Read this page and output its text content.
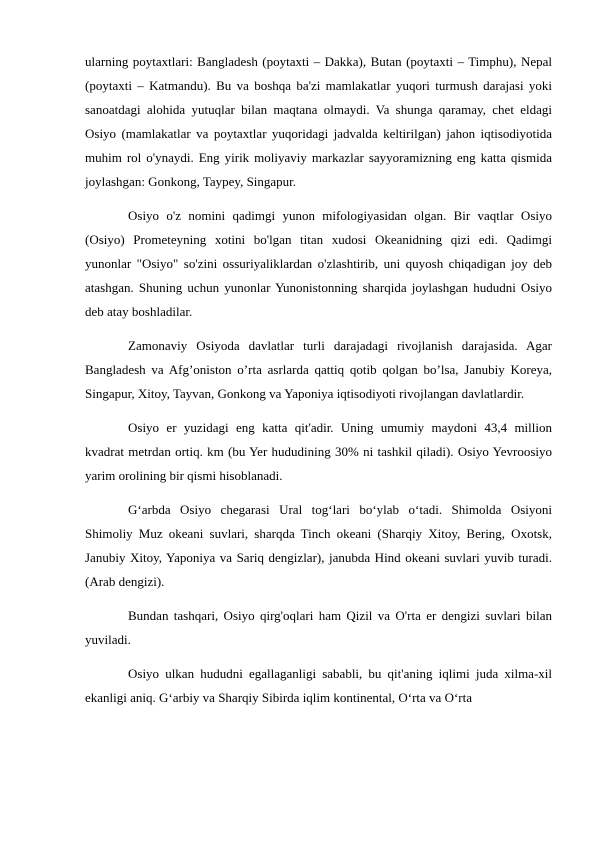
ularning poytaxtlari: Bangladesh (poytaxti – Dakka), Butan (poytaxti – Timphu), Nepal (poytaxti – Katmandu). Bu va boshqa ba'zi mamlakatlar yuqori turmush darajasi yoki sanoatdagi alohida yutuqlar bilan maqtana olmaydi. Va shunga qaramay, chet eldagi Osiyo (mamlakatlar va poytaxtlar yuqoridagi jadvalda keltirilgan) jahon iqtisodiyotida muhim rol o'ynaydi. Eng yirik moliyaviy markazlar sayyoramizning eng katta qismida joylashgan: Gonkong, Taypey, Singapur.

Osiyo o'z nomini qadimgi yunon mifologiyasidan olgan. Bir vaqtlar Osiyo (Osiyo) Prometeyning xotini bo'lgan titan xudosi Okeanidning qizi edi. Qadimgi yunonlar "Osiyo" so'zini ossuriyaliklardan o'zlashtirib, uni quyosh chiqadigan joy deb atashgan. Shuning uchun yunonlar Yunonistonning sharqida joylashgan hududni Osiyo deb atay boshladilar.

Zamonaviy Osiyoda davlatlar turli darajadagi rivojlanish darajasida. Agar Bangladesh va Afg’oniston o’rta asrlarda qattiq qotib qolgan bo’lsa, Janubiy Koreya, Singapur, Xitoy, Tayvan, Gonkong va Yaponiya iqtisodiyoti rivojlangan davlatlardir.

Osiyo er yuzidagi eng katta qit'adir. Uning umumiy maydoni 43,4 million kvadrat metrdan ortiq. km (bu Yer hududining 30% ni tashkil qiladi). Osiyo Yevroosiyo yarim orolining bir qismi hisoblanadi.

G‘arbda Osiyo chegarasi Ural tog‘lari bo‘ylab o‘tadi. Shimolda Osiyoni Shimoliy Muz okeani suvlari, sharqda Tinch okeani (Sharqiy Xitoy, Bering, Oxotsk, Janubiy Xitoy, Yaponiya va Sariq dengizlar), janubda Hind okeani suvlari yuvib turadi. (Arab dengizi).

Bundan tashqari, Osiyo qirg'oqlari ham Qizil va O'rta er dengizi suvlari bilan yuviladi.

Osiyo ulkan hududni egallaganligi sababli, bu qit'aning iqlimi juda xilma-xil ekanligi aniq. G‘arbiy va Sharqiy Sibirda iqlim kontinental, O‘rta va O‘rta
